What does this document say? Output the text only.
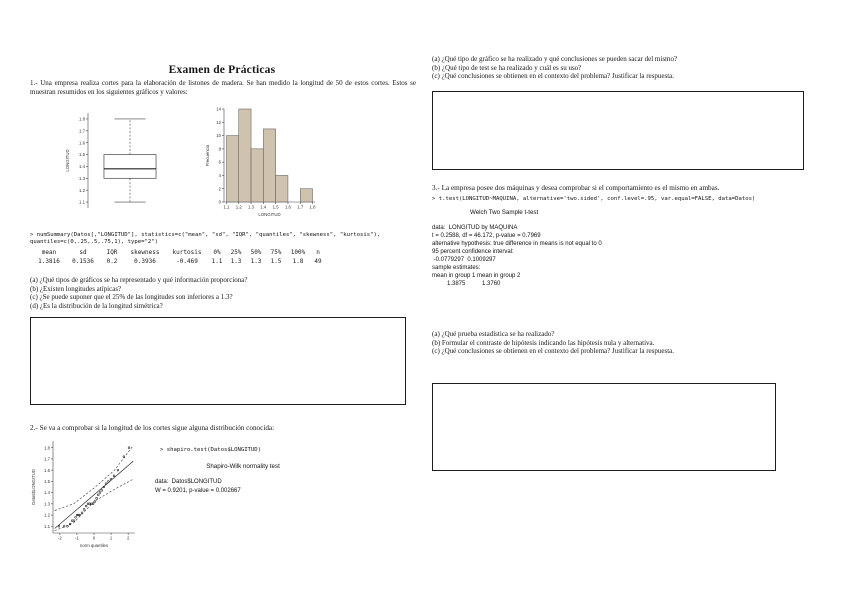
Examen de Prácticas
1.- Una empresa realiza cortes para la elaboración de listones de madera. Se han medido la longitud de 50 de estos cortes. Estos se muestran resumidos en los siguientes gráficos y valores:
1.1
1.2
1.3
1.4
1.5
1.6
1.7
1.8
LONGITUD
0
2
4
6
8
10
12
14
1.1 1.2 1.3 1.4 1.5 1.6 1.7 1.8
Frecuencia
LONGITUD
> numSummary(Datos[,"LONGITUD"], statistics=c("mean", "sd", "IQR", "quantiles", "skewness", "kurtosis"),
quantiles=c(0,.25,.5,.75,1), type="2")
mean	sd	IQR	skewness	kurtosis	0%	25%	50%	75%	100%	n
1.3816	0.1536	0.2	0.3936	-0.469	1.1	1.3	1.3	1.5	1.8	49
(a) ¿Qué tipos de gráficos se ha representado y qué información proporciona?
(b) ¿Existen longitudes atípicas?
(c) ¿Se puede suponer que el 25% de las longitudes son inferiores a 1.3?
(d) ¿Es la distribución de la longitud simétrica?
2.- Se va a comprobar si la longitud de los cortes sigue alguna distribución conocida:
1.1
1.2
1.3
1.4
1.5
1.6
1.7
1.8
-2	-1	0	1	2
Datos$LONGITUD
norm quantiles
> shapiro.test(Datos$LONGITUD)
Shapiro-Wilk normality test
data:  Datos$LONGITUD
W = 0.9201, p-value = 0.002667
(a) ¿Qué tipo de gráfico se ha realizado y qué conclusiones se pueden sacar del mismo?
(b) ¿Qué tipo de test se ha realizado y cuál es su uso?
(c) ¿Qué conclusiones se obtienen en el contexto del problema? Justificar la respuesta.
3.- La empresa posee dos máquinas y desea comprobar si el comportamiento es el mismo en ambas.
> t.test(LONGITUD~MAQUINA, alternative='two.sided', conf.level=.95, var.equal=FALSE, data=Datos)
Welch Two Sample t-test
data:  LONGITUD by MAQUINA
t = 0.2588, df = 46.172, p-value = 0.7969
alternative hypothesis: true difference in means is not equal to 0
95 percent confidence interval:
-0.0779297  0.1009297
sample estimates:
mean in group 1 mean in group 2
1.3875          1.3760
(a) ¿Qué prueba estadística se ha realizado?
(b) Formular el contraste de hipótesis indicando las hipótesis nula y alternativa.
(c) ¿Qué conclusiones se obtienen en el contexto del problema? Justificar la respuesta.
